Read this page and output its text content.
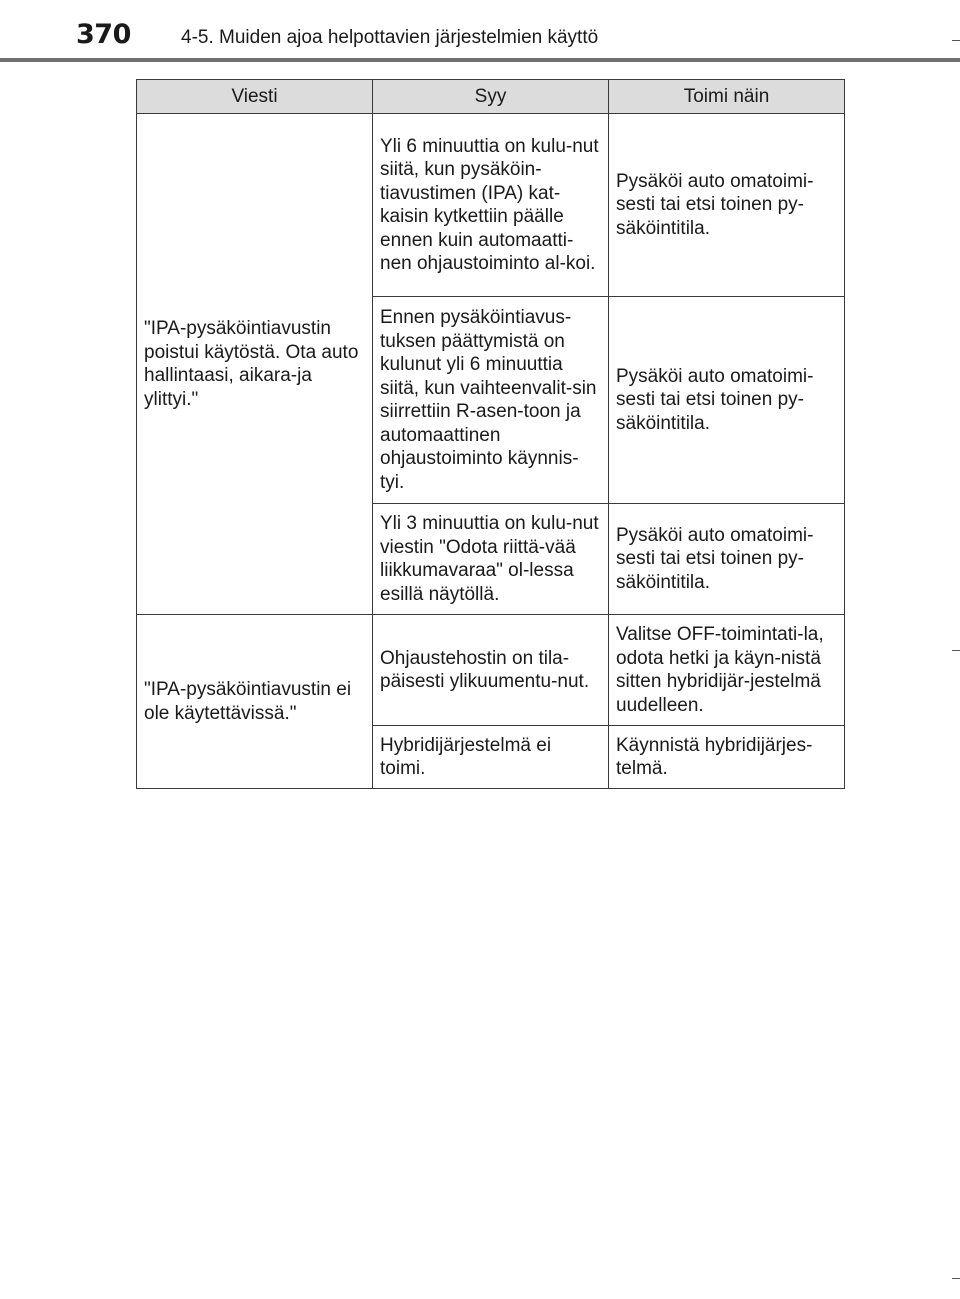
370	4-5. Muiden ajoa helpottavien järjestelmien käyttö
Viesti	Syy	Toimi näin

"IPA-pysäköintiavustin poistui käytöstä. Ota auto hallintaasi, aikara-ja ylittyi."	Yli 6 minuuttia on kulu-nut siitä, kun pysäköin-tiavustimen (IPA) kat-kaisin kytkettiin päälle ennen kuin automaatti-nen ohjaustoiminto al-koi.	Pysäköi auto omatoimi-sesti tai etsi toinen py-säköintitila.

	Ennen pysäköintiavus-tuksen päättymistä on kulunut yli 6 minuuttia siitä, kun vaihteenvalit-sin siirrettiin R-asen-toon ja automaattinen ohjaustoiminto käynnis-tyi.	Pysäköi auto omatoimi-sesti tai etsi toinen py-säköintitila.

	Yli 3 minuuttia on kulu-nut viestin "Odota riittä-vää liikkumavaraa" ol-lessa esillä näytöllä.	Pysäköi auto omatoimi-sesti tai etsi toinen py-säköintitila.

"IPA-pysäköintiavustin ei ole käytettävissä."	Ohjaustehostin on tila-päisesti ylikuumentu-nut.	Valitse OFF-toimintati-la, odota hetki ja käyn-nistä sitten hybridijär-jestelmä uudelleen.

	Hybridijärjestelmä ei toimi.	Käynnistä hybridijärjes-telmä.
